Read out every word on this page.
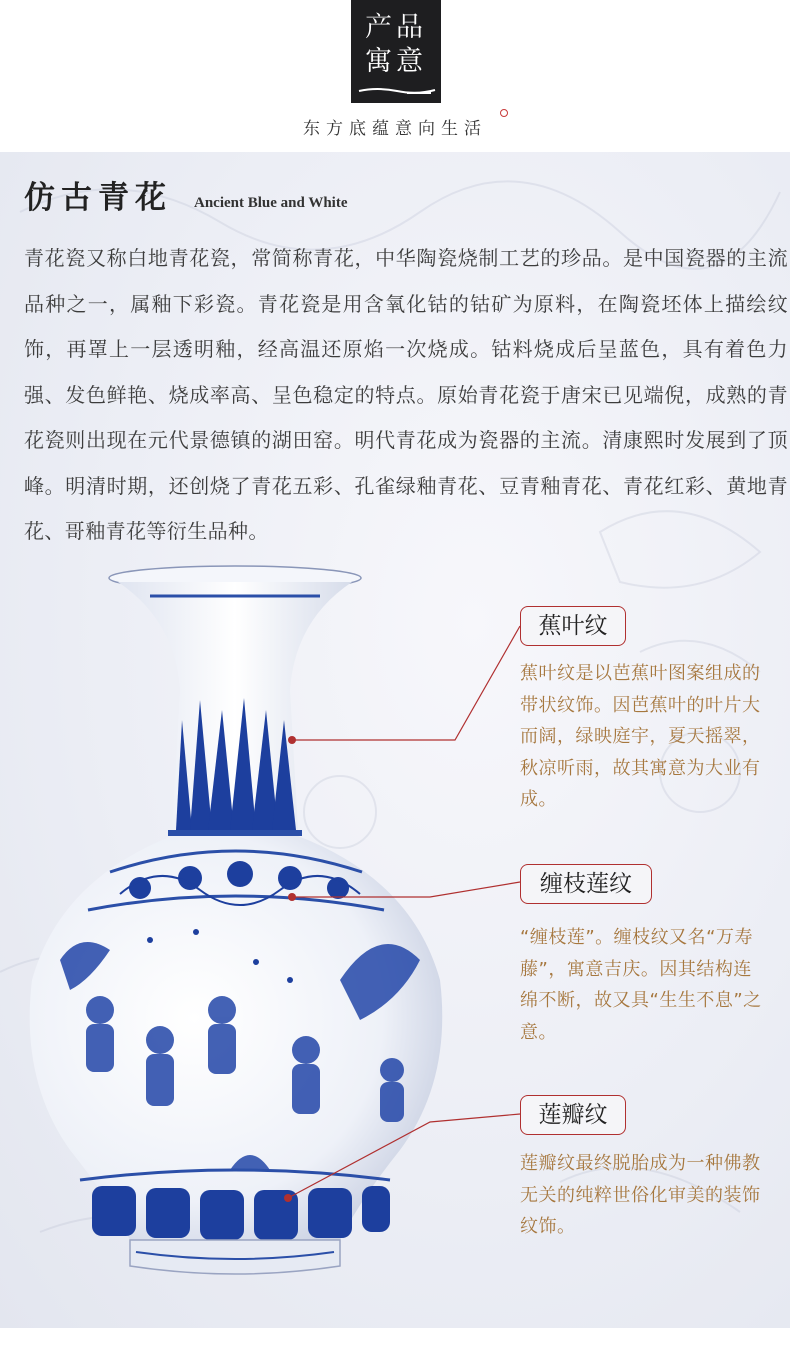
产品
寓意
东方底蕴意向生活
仿古青花 Ancient Blue and White
青花瓷又称白地青花瓷，常简称青花，中华陶瓷烧制工艺的珍品。是中国瓷器的主流品种之一，属釉下彩瓷。青花瓷是用含氧化钴的钴矿为原料，在陶瓷坯体上描绘纹饰，再罩上一层透明釉，经高温还原焰一次烧成。钴料烧成后呈蓝色，具有着色力强、发色鲜艳、烧成率高、呈色稳定的特点。原始青花瓷于唐宋已见端倪，成熟的青花瓷则出现在元代景德镇的湖田窑。明代青花成为瓷器的主流。清康熙时发展到了顶峰。明清时期，还创烧了青花五彩、孔雀绿釉青花、豆青釉青花、青花红彩、黄地青花、哥釉青花等衍生品种。
蕉叶纹
蕉叶纹是以芭蕉叶图案组成的带状纹饰。因芭蕉叶的叶片大而阔，绿映庭宇，夏天摇翠，秋凉听雨，故其寓意为大业有成。
缠枝莲纹
“缠枝莲”。缠枝纹又名“万寿藤”，寓意吉庆。因其结构连绵不断，故又具“生生不息”之意。
莲瓣纹
莲瓣纹最终脱胎成为一种佛教无关的纯粹世俗化审美的装饰纹饰。
